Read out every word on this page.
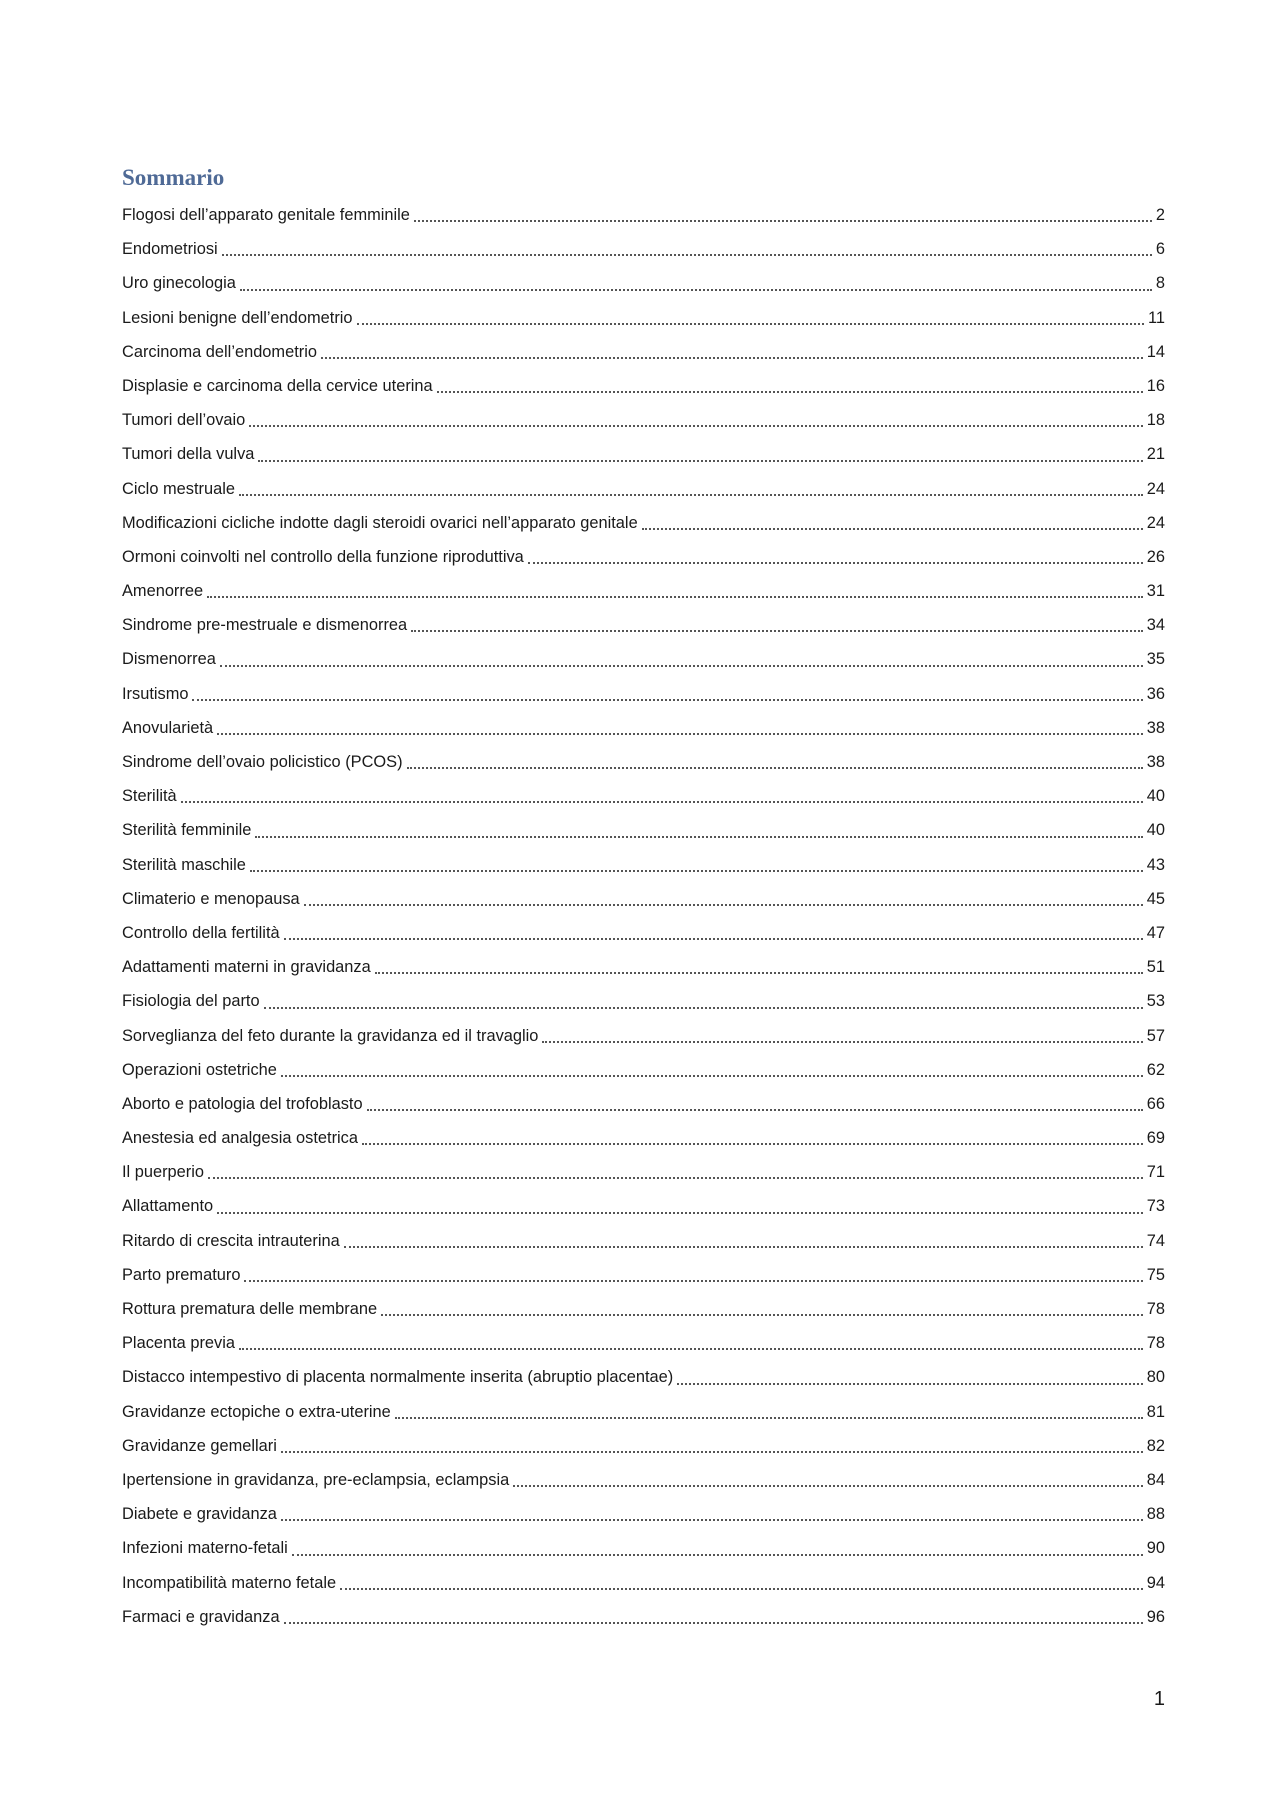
Sommario
Flogosi dell’apparato genitale femminile	2
Endometriosi	6
Uro ginecologia	8
Lesioni benigne dell’endometrio	11
Carcinoma dell’endometrio	14
Displasie e carcinoma della cervice uterina	16
Tumori dell’ovaio	18
Tumori della vulva	21
Ciclo mestruale	24
Modificazioni cicliche indotte dagli steroidi ovarici nell’apparato genitale	24
Ormoni coinvolti nel controllo della funzione riproduttiva	26
Amenorree	31
Sindrome pre-mestruale e dismenorrea	34
Dismenorrea	35
Irsutismo	36
Anovularietà	38
Sindrome dell’ovaio policistico (PCOS)	38
Sterilità	40
Sterilità femminile	40
Sterilità maschile	43
Climaterio e menopausa	45
Controllo della fertilità	47
Adattamenti materni in gravidanza	51
Fisiologia del parto	53
Sorveglianza del feto durante la gravidanza ed il travaglio	57
Operazioni ostetriche	62
Aborto e patologia del trofoblasto	66
Anestesia ed analgesia ostetrica	69
Il puerperio	71
Allattamento	73
Ritardo di crescita intrauterina	74
Parto prematuro	75
Rottura prematura delle membrane	78
Placenta previa	78
Distacco intempestivo di placenta normalmente inserita (abruptio placentae)	80
Gravidanze ectopiche o extra-uterine	81
Gravidanze gemellari	82
Ipertensione in gravidanza, pre-eclampsia, eclampsia	84
Diabete e gravidanza	88
Infezioni materno-fetali	90
Incompatibilità materno fetale	94
Farmaci e gravidanza	96
1
